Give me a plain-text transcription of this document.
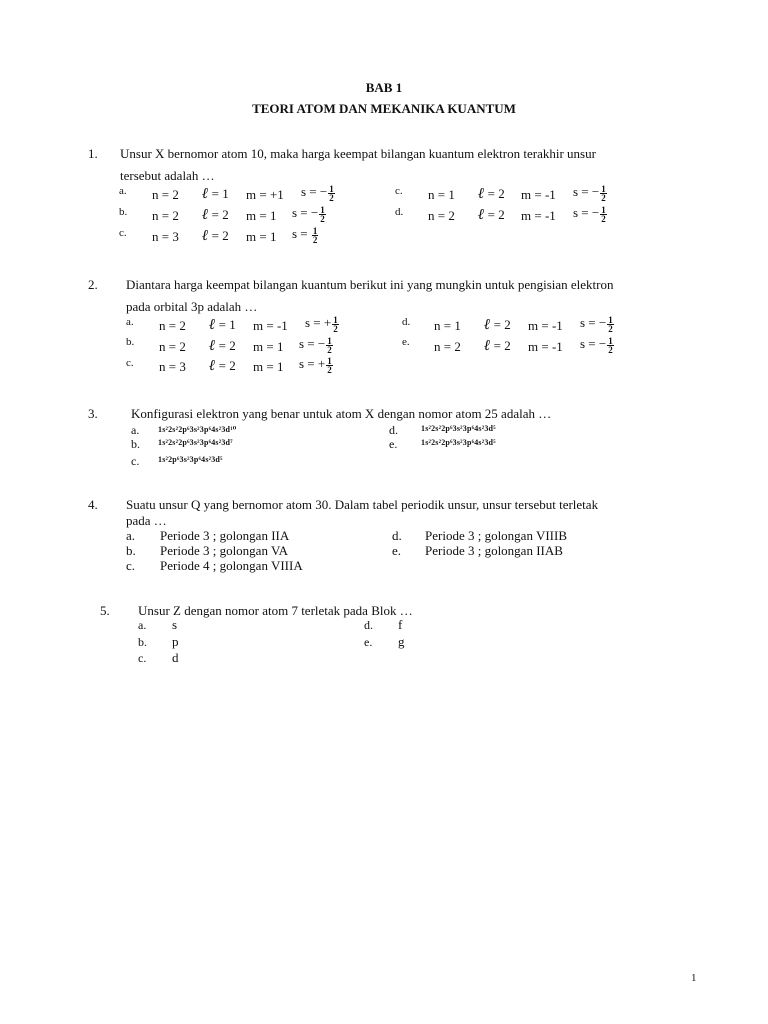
BAB 1
TEORI ATOM DAN MEKANIKA KUANTUM
1. Unsur X bernomor atom 10, maka harga keempat bilangan kuantum elektron terakhir unsur
tersebut adalah …
a. n = 2 ℓ = 1 m = +1 s = − $\frac{1}{2}$
b. n = 2 ℓ = 2 m = 1 s = − $\frac{1}{2}$
c. n = 3 ℓ = 2 m = 1 $s = \frac{1}{2}$
c. n = 1 ℓ = 2 m = -1 s = − $\frac{1}{2}$
d. n = 2 ℓ = 2 m = -1 s = − $\frac{1}{2}$
2. Diantara harga keempat bilangan kuantum berikut ini yang mungkin untuk pengisian elektron
pada orbital 3p adalah …
a. n = 2 ℓ = 1 m = -1 s = + $\frac{1}{2}$
b. n = 2 ℓ = 2 m = 1 s = − $\frac{1}{2}$
c. n = 3 ℓ = 2 m = 1 s = + $\frac{1}{2}$
d. n = 1 ℓ = 2 m = -1 s = − $\frac{1}{2}$
e. n = 2 ℓ = 2 m = -1 s = − $\frac{1}{2}$
3.	Konfigurasi elektron yang benar untuk atom X dengan nomor atom 25 adalah …
a. 1s²2s²2p⁶3s²3p⁶4s²3d¹⁰
b. 1s²2s²2p⁶3s²3p⁶4s²3d⁷
c. 1s²2p⁶3s²3p⁶4s²3d⁵
d.	1s²2s²2p⁶3s²3p⁶4s²3d⁵
e.	1s²2s²2p⁶3s²3p⁶4s²3d⁵
4. Suatu unsur Q yang bernomor atom 30. Dalam tabel periodik unsur, unsur tersebut terletak
pada …
a. Periode 3 ; golongan IIA
b. Periode 3 ; golongan VA
c. Periode 4 ; golongan VIIIA
d. Periode 3 ; golongan VIIIB
e. Periode 3 ; golongan IIAB
5. Unsur Z dengan nomor atom 7 terletak pada Blok …
a. s
b. p
c. d
d. f
e. g
1
